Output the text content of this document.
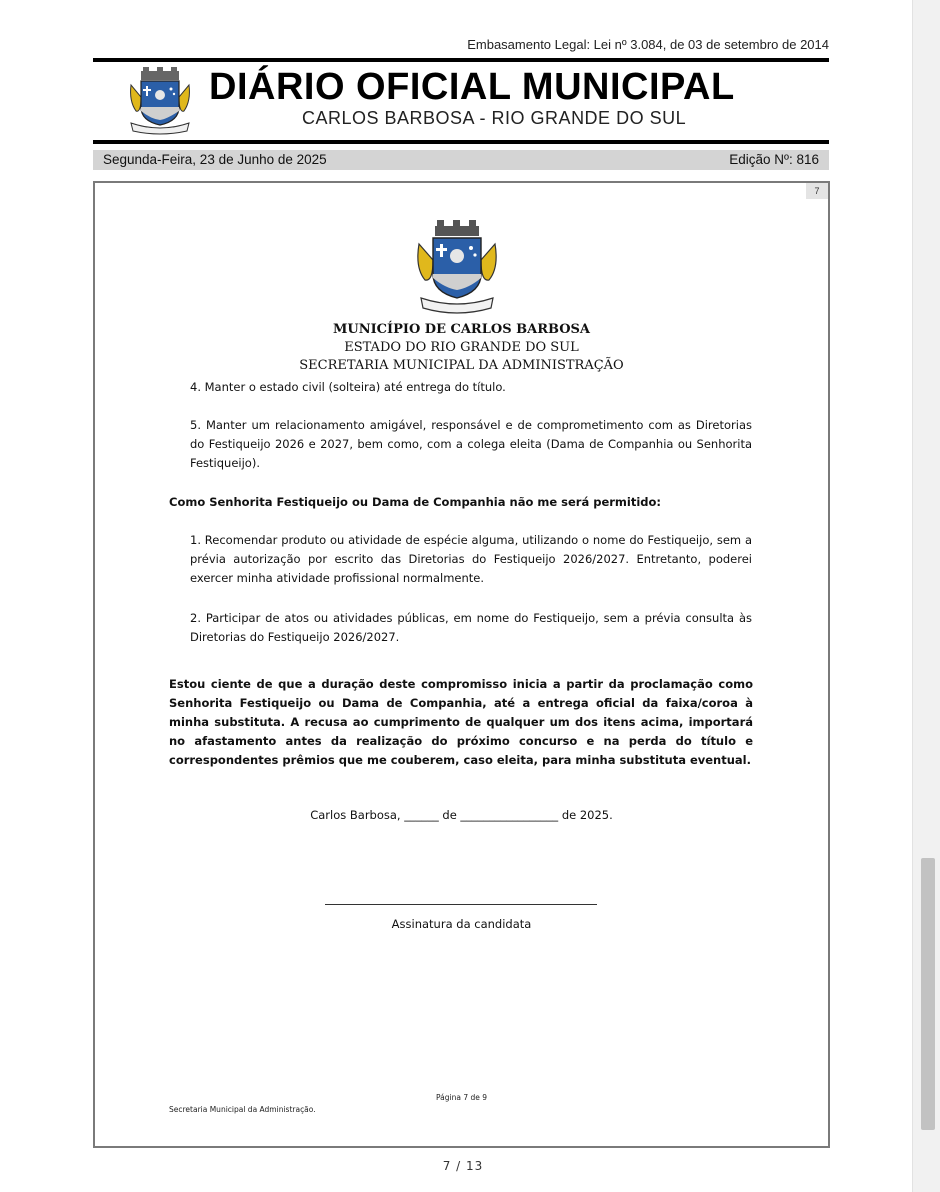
Embasamento Legal: Lei nº 3.084, de 03 de setembro de 2014
DIÁRIO OFICIAL MUNICIPAL
CARLOS BARBOSA - RIO GRANDE DO SUL
Segunda-Feira, 23 de Junho de 2025	Edição Nº: 816
7
MUNICÍPIO DE CARLOS BARBOSA
ESTADO DO RIO GRANDE DO SUL
SECRETARIA MUNICIPAL DA ADMINISTRAÇÃO
4. Manter o estado civil (solteira) até entrega do título.
5. Manter um relacionamento amigável, responsável e de comprometimento com as Diretorias do Festiqueijo 2026 e 2027, bem como, com a colega eleita (Dama de Companhia ou Senhorita Festiqueijo).
Como Senhorita Festiqueijo ou Dama de Companhia não me será permitido:
1. Recomendar produto ou atividade de espécie alguma, utilizando o nome do Festiqueijo, sem a prévia autorização por escrito das Diretorias do Festiqueijo 2026/2027. Entretanto, poderei exercer minha atividade profissional normalmente.
2. Participar de atos ou atividades públicas, em nome do Festiqueijo, sem a prévia consulta às Diretorias do Festiqueijo 2026/2027.
Estou ciente de que a duração deste compromisso inicia a partir da proclamação como Senhorita Festiqueijo ou Dama de Companhia, até a entrega oficial da faixa/coroa à minha substituta. A recusa ao cumprimento de qualquer um dos itens acima, importará no afastamento antes da realização do próximo concurso e na perda do título e correspondentes prêmios que me couberem, caso eleita, para minha substituta eventual.
Carlos Barbosa, ______ de _________________ de 2025.
Assinatura da candidata
Página 7 de 9
Secretaria Municipal da Administração.
7 / 13
